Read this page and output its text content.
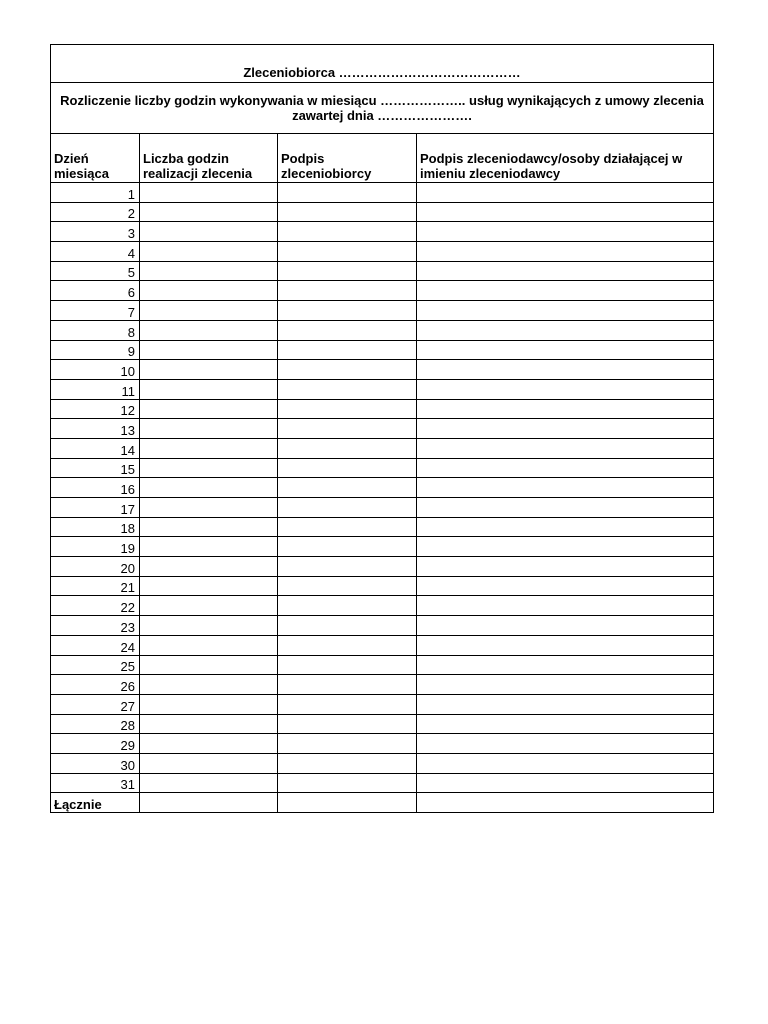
Zleceniobiorca ……………………………………			
Rozliczenie liczby godzin wykonywania w miesiącu ……………….. usług wynikających z umowy zlecenia zawartej dnia ………………….			
Dzień miesiąca	Liczba godzin realizacji zlecenia	Podpis zleceniobiorcy	Podpis zleceniodawcy/osoby działającej w imieniu zleceniodawcy
1			
2			
3			
4			
5			
6			
7			
8			
9			
10			
11			
12			
13			
14			
15			
16			
17			
18			
19			
20			
21			
22			
23			
24			
25			
26			
27			
28			
29			
30			
31			
Łącznie			
